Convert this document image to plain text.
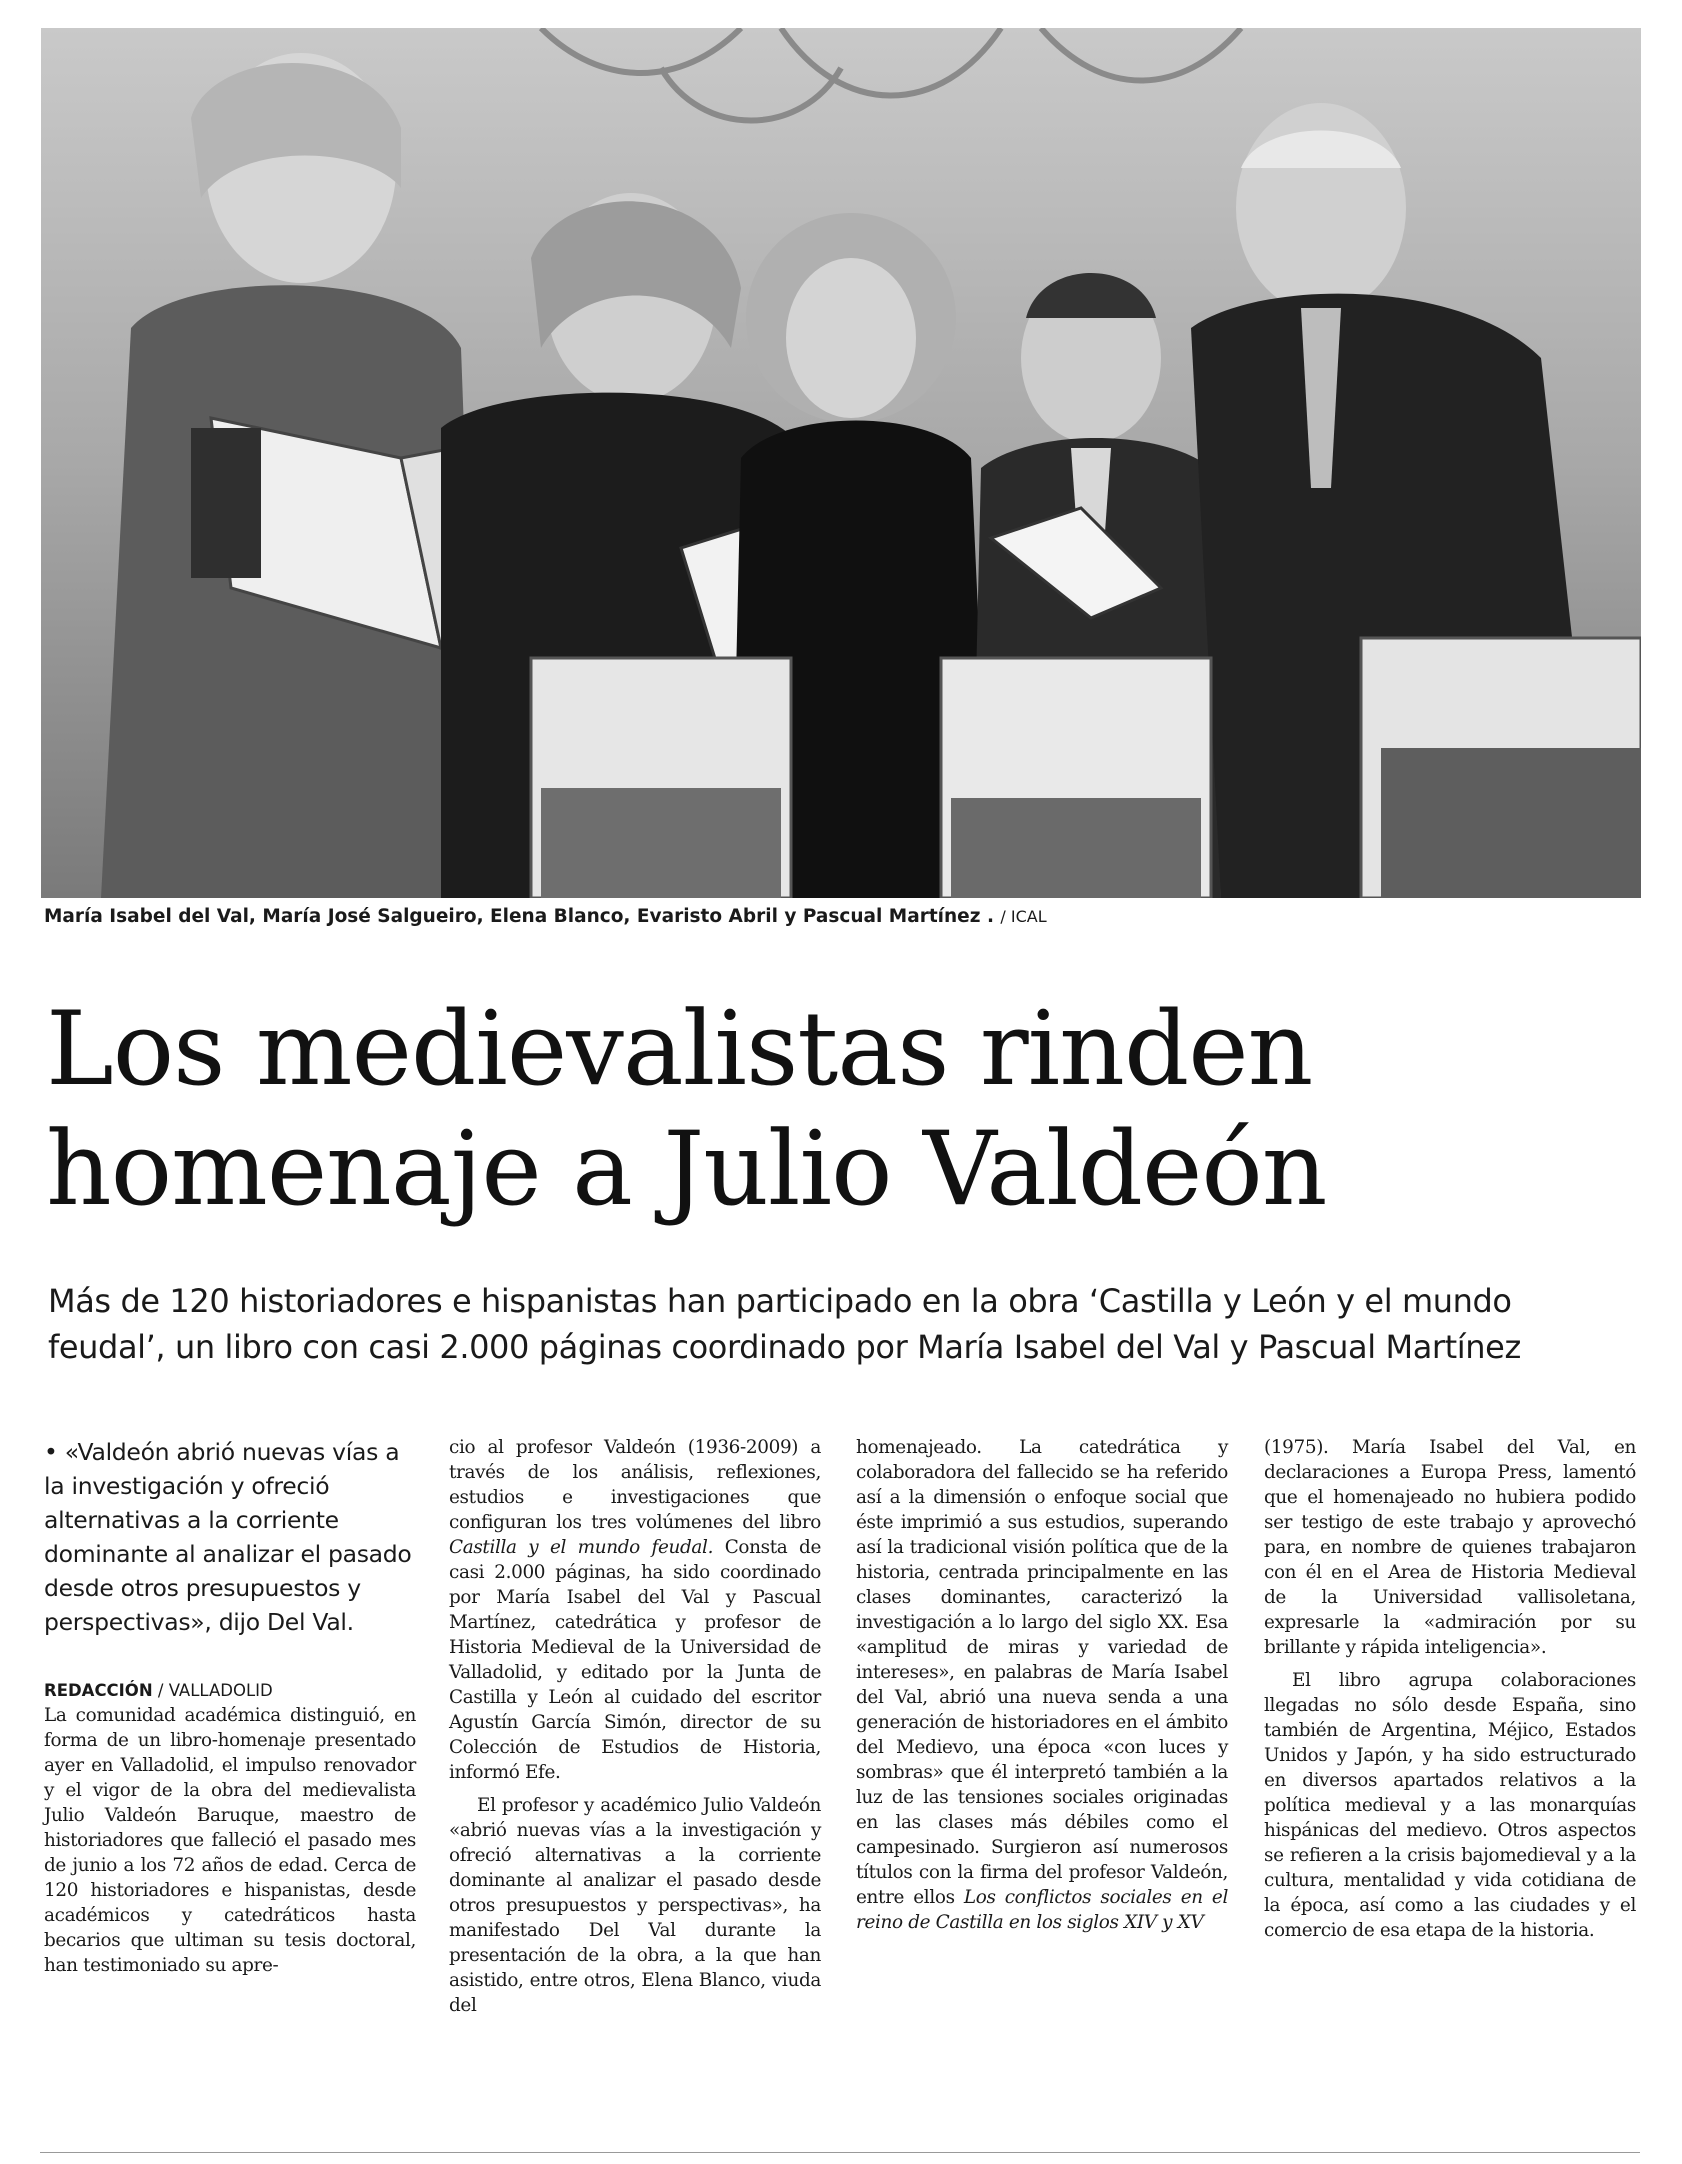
María Isabel del Val, María José Salgueiro, Elena Blanco, Evaristo Abril y Pascual Martínez . / ICAL
Los medievalistas rinden
homenaje a Julio Valdeón

Más de 120 historiadores e hispanistas han participado en la obra ‘Castilla y León y el mundo feudal’, un libro con casi 2.000 páginas coordinado por María Isabel del Val y Pascual Martínez

• «Valdeón abrió nuevas vías a la investigación y ofreció alternativas a la corriente dominante al analizar el pasado desde otros presupuestos y perspectivas», dijo Del Val.

REDACCIÓN / VALLADOLID

La comunidad académica distinguió, en forma de un libro-homenaje presentado ayer en Valladolid, el impulso renovador y el vigor de la obra del medievalista Julio Valdeón Baruque, maestro de historiadores que falleció el pasado mes de junio a los 72 años de edad. Cerca de 120 historiadores e hispanistas, desde académicos y catedráticos hasta becarios que ultiman su tesis doctoral, han testimoniado su apre-

cio al profesor Valdeón (1936-2009) a través de los análisis, reflexiones, estudios e investigaciones que configuran los tres volúmenes del libro Castilla y el mundo feudal. Consta de casi 2.000 páginas, ha sido coordinado por María Isabel del Val y Pascual Martínez, catedrática y profesor de Historia Medieval de la Universidad de Valladolid, y editado por la Junta de Castilla y León al cuidado del escritor Agustín García Simón, director de su Colección de Estudios de Historia, informó Efe.

El profesor y académico Julio Valdeón «abrió nuevas vías a la investigación y ofreció alternativas a la corriente dominante al analizar el pasado desde otros presupuestos y perspectivas», ha manifestado Del Val durante la presentación de la obra, a la que han asistido, entre otros, Elena Blanco, viuda del

homenajeado. La catedrática y colaboradora del fallecido se ha referido así a la dimensión o enfoque social que éste imprimió a sus estudios, superando así la tradicional visión política que de la historia, centrada principalmente en las clases dominantes, caracterizó la investigación a lo largo del siglo XX. Esa «amplitud de miras y variedad de intereses», en palabras de María Isabel del Val, abrió una nueva senda a una generación de historiadores en el ámbito del Medievo, una época «con luces y sombras» que él interpretó también a la luz de las tensiones sociales originadas en las clases más débiles como el campesinado. Surgieron así numerosos títulos con la firma del profesor Valdeón, entre ellos Los conflictos sociales en el reino de Castilla en los siglos XIV y XV

(1975). María Isabel del Val, en declaraciones a Europa Press, lamentó que el homenajeado no hubiera podido ser testigo de este trabajo y aprovechó para, en nombre de quienes trabajaron con él en el Area de Historia Medieval de la Universidad vallisoletana, expresarle la «admiración por su brillante y rápida inteligencia».

El libro agrupa colaboraciones llegadas no sólo desde España, sino también de Argentina, Méjico, Estados Unidos y Japón, y ha sido estructurado en diversos apartados relativos a la política medieval y a las monarquías hispánicas del medievo. Otros aspectos se refieren a la crisis bajomedieval y a la cultura, mentalidad y vida cotidiana de la época, así como a las ciudades y el comercio de esa etapa de la historia.
